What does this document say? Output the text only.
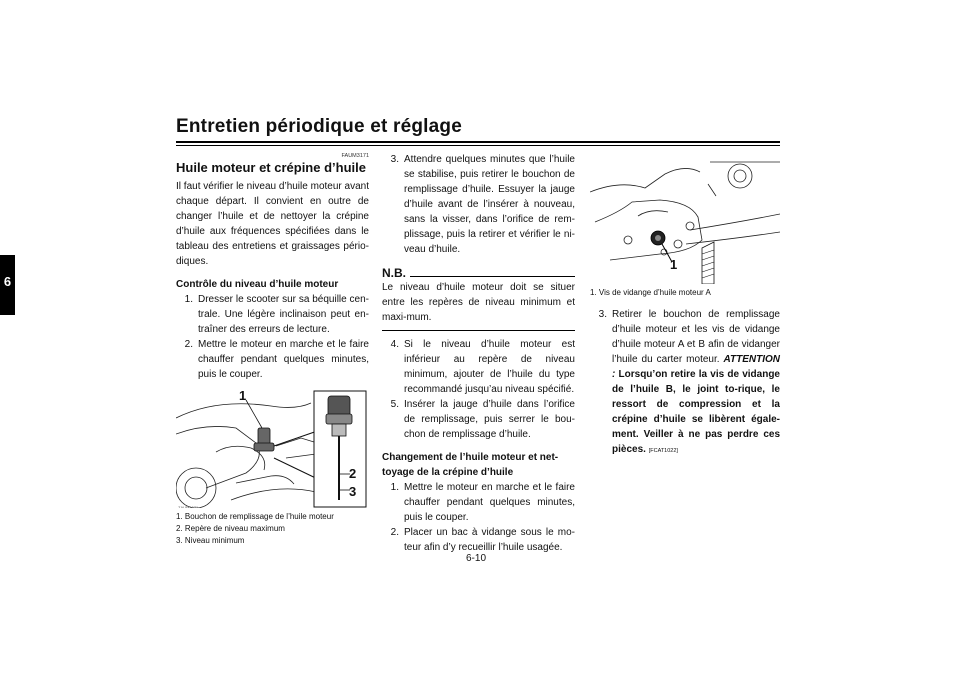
Entretien périodique et réglage
6
FAUM3171
Huile moteur et crépine d’huile

Il faut vérifier le niveau d’huile moteur avant chaque départ. Il convient en outre de changer l’huile et de nettoyer la crépine d’huile aux fréquences spécifiées dans le tableau des entretiens et graissages pério-diques.

Contrôle du niveau d’huile moteur
1. Dresser le scooter sur sa béquille cen-trale. Une légère inclinaison peut en-traîner des erreurs de lecture.
2. Mettre le moteur en marche et le faire chauffer pendant quelques minutes, puis le couper.
1
2
3
ZAUM1071
1. Bouchon de remplissage de l’huile moteur
2. Repère de niveau maximum
3. Niveau minimum
3. Attendre quelques minutes que l’huile se stabilise, puis retirer le bouchon de remplissage d’huile. Essuyer la jauge d’huile avant de l’insérer à nouveau, sans la visser, dans l’orifice de rem-plissage, puis la retirer et vérifier le ni-veau d’huile.
N.B.

Le niveau d’huile moteur doit se situer entre les repères de niveau minimum et maxi-mum.

4. Si le niveau d’huile moteur est inférieur au repère de niveau minimum, ajouter de l’huile du type recommandé jusqu’au niveau spécifié.
5. Insérer la jauge d’huile dans l’orifice de remplissage, puis serrer le bou-chon de remplissage d’huile.
Changement de l’huile moteur et net-toyage de la crépine d’huile
1. Mettre le moteur en marche et le faire chauffer pendant quelques minutes, puis le couper.
2. Placer un bac à vidange sous le mo-teur afin d’y recueillir l’huile usagée.
1
1. Vis de vidange d’huile moteur A
3. Retirer le bouchon de remplissage d’huile moteur et les vis de vidange d’huile moteur A et B afin de vidanger l’huile du carter moteur. ATTENTION : Lorsqu’on retire la vis de vidange de l’huile B, le joint to-rique, le ressort de compression et la crépine d’huile se libèrent égale-ment. Veiller à ne pas perdre ces pièces. [FCAT1022]
6-10
